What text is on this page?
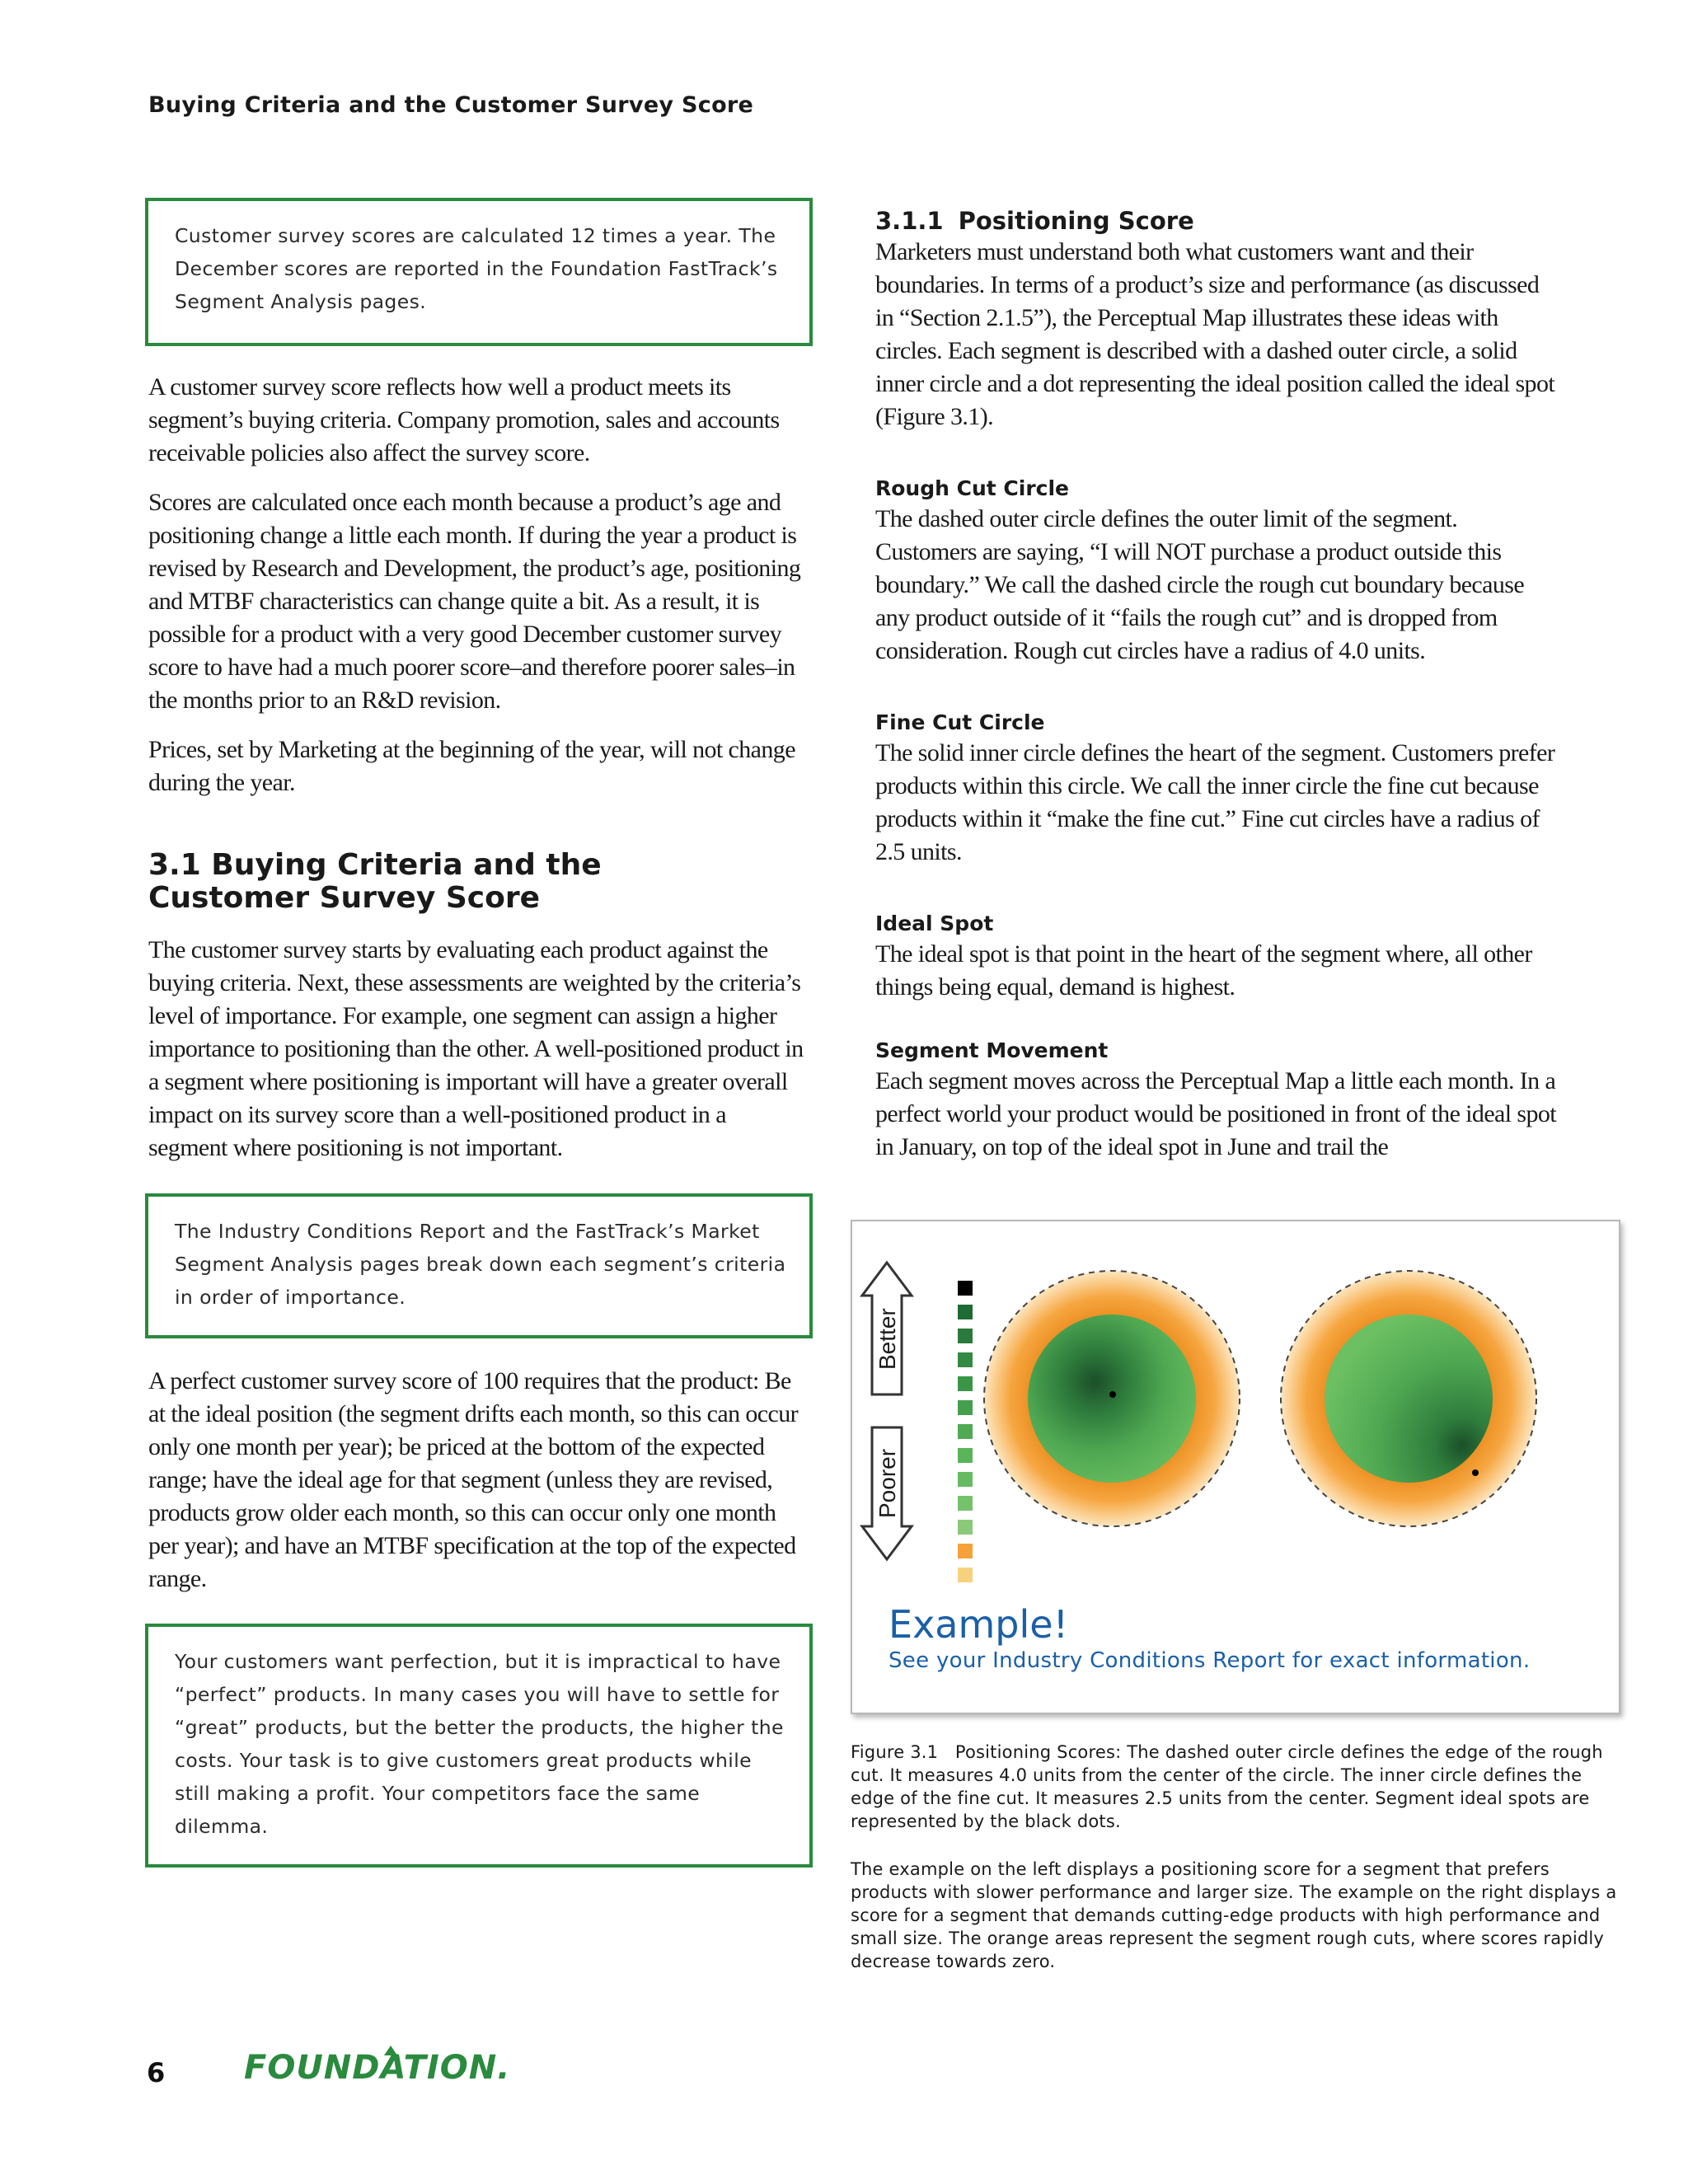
Buying Criteria and the Customer Survey Score
Customer survey scores are calculated 12 times a year. The December scores are reported in the Foundation FastTrack’s Segment Analysis pages.

A customer survey score reflects how well a product meets its segment’s buying criteria. Company promotion, sales and accounts receivable policies also affect the survey score.

Scores are calculated once each month because a product’s age and positioning change a little each month. If during the year a product is revised by Research and Development, the product’s age, positioning and MTBF characteristics can change quite a bit. As a result, it is possible for a product with a very good December customer survey score to have had a much poorer score–and therefore poorer sales–in the months prior to an R&D revision.

Prices, set by Marketing at the beginning of the year, will not change during the year.

3.1 Buying Criteria and the Customer Survey Score

The customer survey starts by evaluating each product against the buying criteria. Next, these assessments are weighted by the criteria’s level of importance. For example, one segment can assign a higher importance to positioning than the other. A well-positioned product in a segment where positioning is important will have a greater overall impact on its survey score than a well-positioned product in a segment where positioning is not important.

The Industry Conditions Report and the FastTrack’s Market Segment Analysis pages break down each segment’s criteria in order of importance.

A perfect customer survey score of 100 requires that the product: Be at the ideal position (the segment drifts each month, so this can occur only one month per year); be priced at the bottom of the expected range; have the ideal age for that segment (unless they are revised, products grow older each month, so this can occur only one month per year); and have an MTBF specification at the top of the expected range.

Your customers want perfection, but it is impractical to have “perfect” products. In many cases you will have to settle for “great” products, but the better the products, the higher the costs. Your task is to give customers great products while still making a profit. Your competitors face the same dilemma.
3.1.1 Positioning Score

Marketers must understand both what customers want and their boundaries. In terms of a product’s size and performance (as discussed in “Section 2.1.5”), the Perceptual Map illustrates these ideas with circles. Each segment is described with a dashed outer circle, a solid inner circle and a dot representing the ideal position called the ideal spot (Figure 3.1).

Rough Cut Circle

The dashed outer circle defines the outer limit of the segment. Customers are saying, “I will NOT purchase a product outside this boundary.” We call the dashed circle the rough cut boundary because any product outside of it “fails the rough cut” and is dropped from consideration. Rough cut circles have a radius of 4.0 units.

Fine Cut Circle

The solid inner circle defines the heart of the segment. Customers prefer products within this circle. We call the inner circle the fine cut because products within it “make the fine cut.” Fine cut circles have a radius of 2.5 units.

Ideal Spot

The ideal spot is that point in the heart of the segment where, all other things being equal, demand is highest.

Segment Movement

Each segment moves across the Perceptual Map a little each month. In a perfect world your product would be positioned in front of the ideal spot in January, on top of the ideal spot in June and trail the

Better
Poorer
Example!
See your Industry Conditions Report for exact information.
Figure 3.1 Positioning Scores: The dashed outer circle defines the edge of the rough cut. It measures 4.0 units from the center of the circle. The inner circle defines the edge of the fine cut. It measures 2.5 units from the center. Segment ideal spots are represented by the black dots.
The example on the left displays a positioning score for a segment that prefers products with slower performance and larger size. The example on the right displays a score for a segment that demands cutting-edge products with high performance and small size. The orange areas represent the segment rough cuts, where scores rapidly decrease towards zero.
6 FOUNDATION.
